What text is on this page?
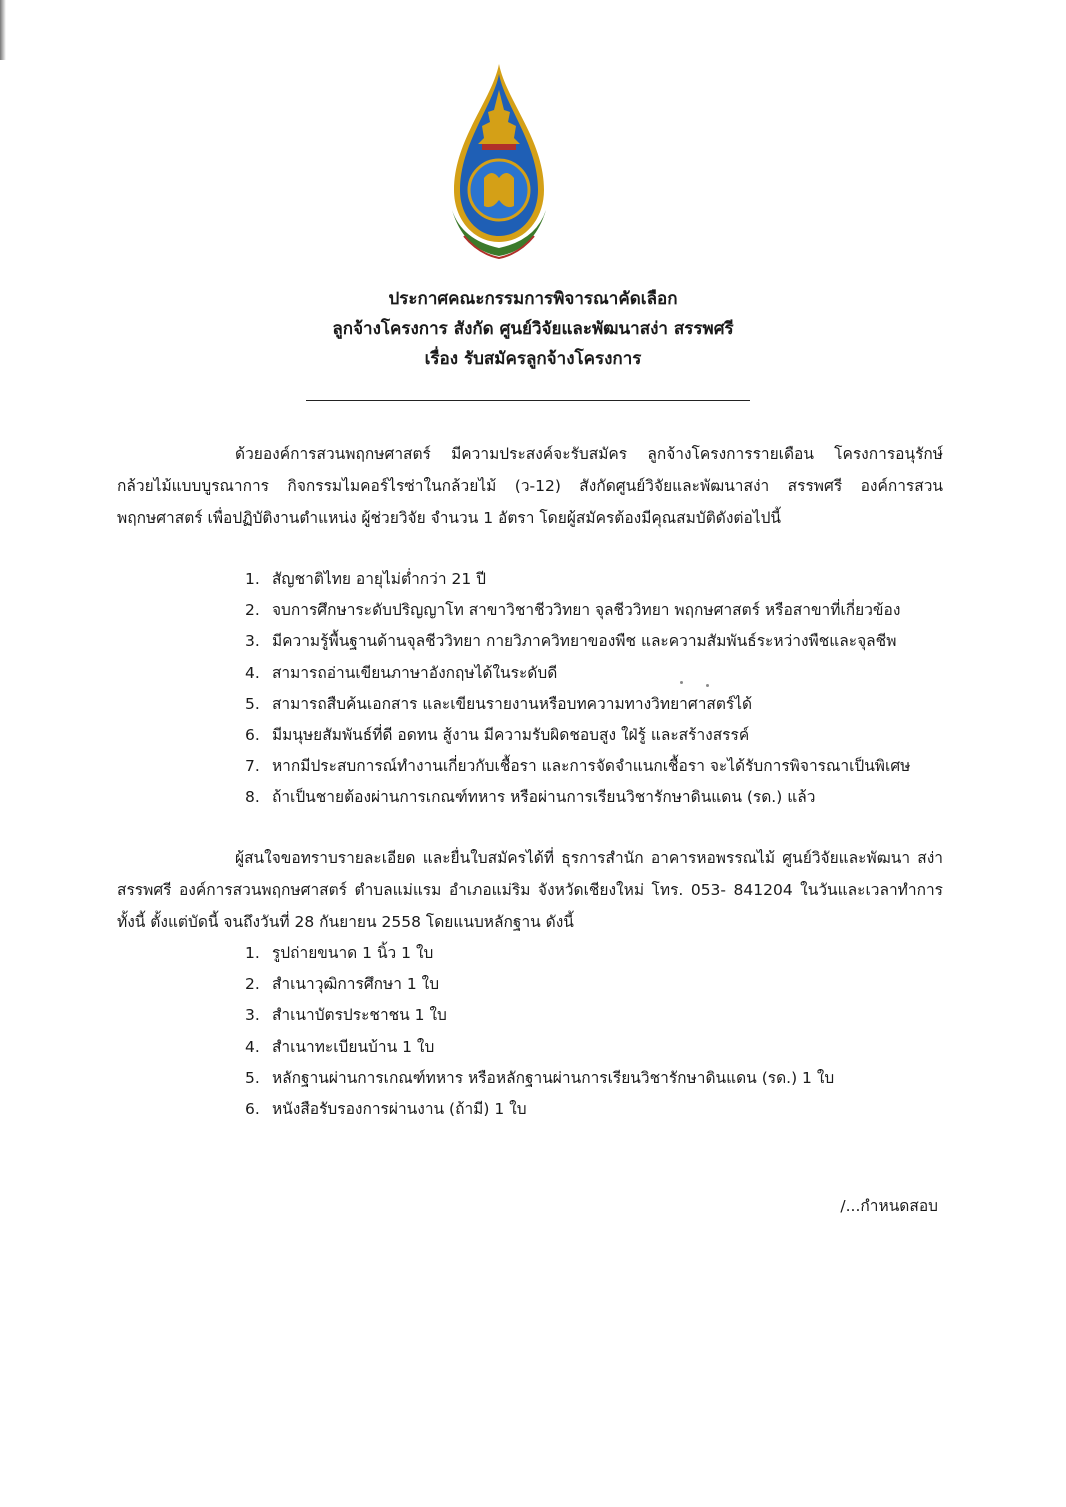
ประกาศคณะกรรมการพิจารณาคัดเลือก
ลูกจ้างโครงการ สังกัด ศูนย์วิจัยและพัฒนาสง่า สรรพศรี
เรื่อง รับสมัครลูกจ้างโครงการ
ด้วยองค์การสวนพฤกษศาสตร์ มีความประสงค์จะรับสมัคร ลูกจ้างโครงการรายเดือน โครงการอนุรักษ์กล้วยไม้แบบบูรณาการ กิจกรรมไมคอร์ไรซ่าในกล้วยไม้ (ว-12) สังกัดศูนย์วิจัยและพัฒนาสง่า สรรพศรี องค์การสวนพฤกษศาสตร์ เพื่อปฏิบัติงานตำแหน่ง ผู้ช่วยวิจัย จำนวน 1 อัตรา โดยผู้สมัครต้องมีคุณสมบัติดังต่อไปนี้
1. สัญชาติไทย อายุไม่ต่ำกว่า 21 ปี
2. จบการศึกษาระดับปริญญาโท สาขาวิชาชีววิทยา จุลชีววิทยา พฤกษศาสตร์ หรือสาขาที่เกี่ยวข้อง
3. มีความรู้พื้นฐานด้านจุลชีววิทยา กายวิภาควิทยาของพืช และความสัมพันธ์ระหว่างพืชและจุลชีพ
4. สามารถอ่านเขียนภาษาอังกฤษได้ในระดับดี
5. สามารถสืบค้นเอกสาร และเขียนรายงานหรือบทความทางวิทยาศาสตร์ได้
6. มีมนุษยสัมพันธ์ที่ดี อดทน สู้งาน มีความรับผิดชอบสูง ใฝ่รู้ และสร้างสรรค์
7. หากมีประสบการณ์ทำงานเกี่ยวกับเชื้อรา และการจัดจำแนกเชื้อรา จะได้รับการพิจารณาเป็นพิเศษ
8. ถ้าเป็นชายต้องผ่านการเกณฑ์ทหาร หรือผ่านการเรียนวิชารักษาดินแดน (รด.) แล้ว
ผู้สนใจขอทราบรายละเอียด และยื่นใบสมัครได้ที่ ธุรการสำนัก อาคารหอพรรณไม้ ศูนย์วิจัยและพัฒนา สง่า สรรพศรี องค์การสวนพฤกษศาสตร์ ตำบลแม่แรม อำเภอแม่ริม จังหวัดเชียงใหม่ โทร. 053- 841204 ในวันและเวลาทำการ ทั้งนี้ ตั้งแต่บัดนี้ จนถึงวันที่ 28 กันยายน 2558 โดยแนบหลักฐาน ดังนี้
1. รูปถ่ายขนาด 1 นิ้ว 1 ใบ
2. สำเนาวุฒิการศึกษา 1 ใบ
3. สำเนาบัตรประชาชน 1 ใบ
4. สำเนาทะเบียนบ้าน 1 ใบ
5. หลักฐานผ่านการเกณฑ์ทหาร หรือหลักฐานผ่านการเรียนวิชารักษาดินแดน (รด.) 1 ใบ
6. หนังสือรับรองการผ่านงาน (ถ้ามี) 1 ใบ
/...กำหนดสอบ
